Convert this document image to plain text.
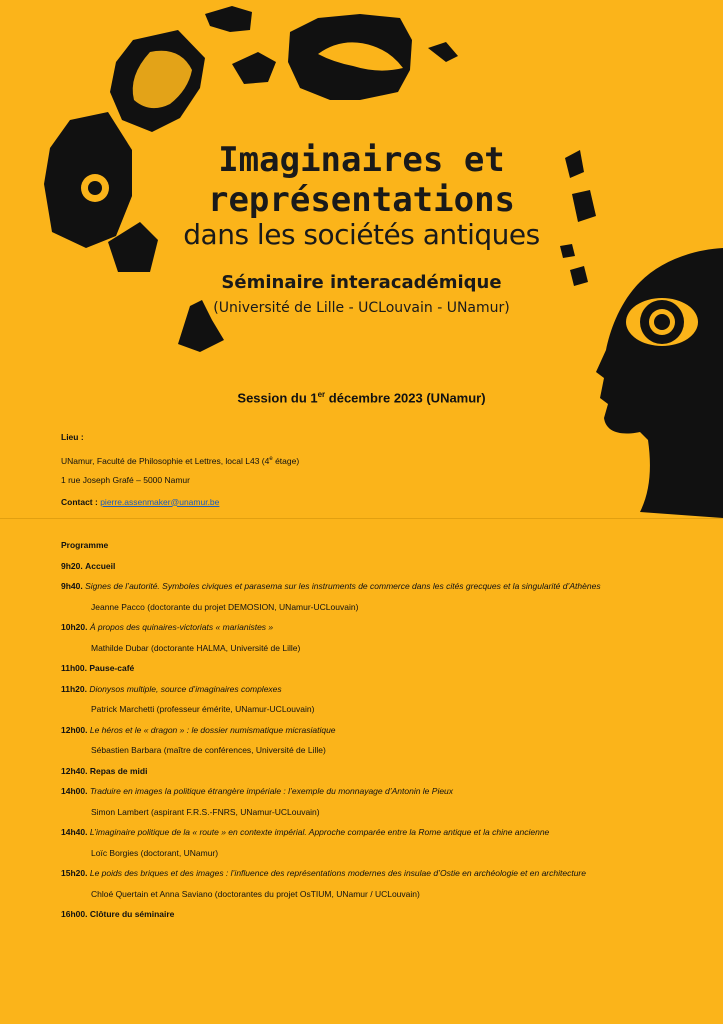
Imaginaires et
représentations
dans les sociétés antiques
Séminaire interacadémique
(Université de Lille - UCLouvain - UNamur)
Session du 1er décembre 2023 (UNamur)
Lieu :
UNamur, Faculté de Philosophie et Lettres, local L43 (4e étage)
1 rue Joseph Grafé – 5000 Namur
Contact : pierre.assenmaker@unamur.be
Programme
9h20. Accueil
9h40. Signes de l’autorité. Symboles civiques et parasema sur les instruments de commerce dans les cités grecques et la singularité d’Athènes
Jeanne Pacco (doctorante du projet DEMOSION, UNamur-UCLouvain)
10h20. À propos des quinaires-victoriats « marianistes »
Mathilde Dubar (doctorante HALMA, Université de Lille)
11h00. Pause-café
11h20. Dionysos multiple, source d’imaginaires complexes
Patrick Marchetti (professeur émérite, UNamur-UCLouvain)
12h00. Le héros et le « dragon » : le dossier numismatique micrasiatique
Sébastien Barbara (maître de conférences, Université de Lille)
12h40. Repas de midi
14h00. Traduire en images la politique étrangère impériale : l’exemple du monnayage d’Antonin le Pieux
Simon Lambert (aspirant F.R.S.-FNRS, UNamur-UCLouvain)
14h40. L’imaginaire politique de la « route » en contexte impérial. Approche comparée entre la Rome antique et la chine ancienne
Loïc Borgies (doctorant, UNamur)
15h20. Le poids des briques et des images : l’influence des représentations modernes des insulae d’Ostie en archéologie et en architecture
Chloé Quertain et Anna Saviano (doctorantes du projet OsTIUM, UNamur / UCLouvain)
16h00. Clôture du séminaire
